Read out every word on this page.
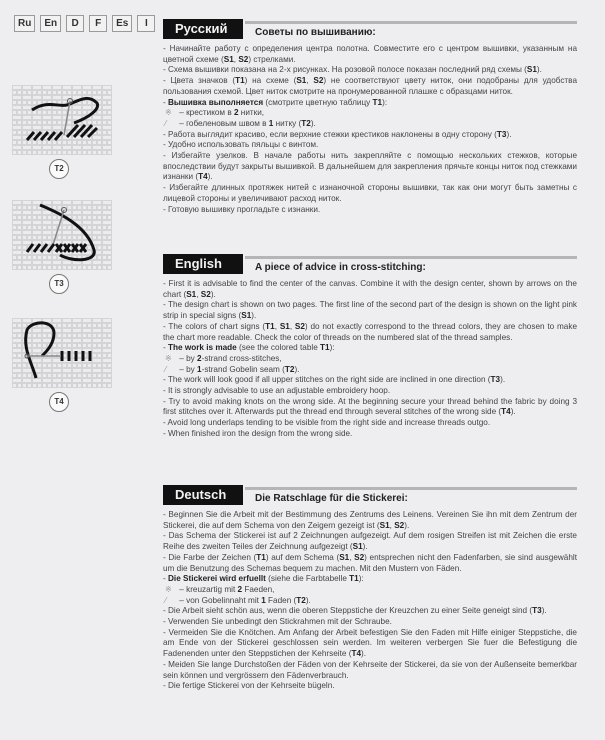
Ru	En	D	F	Es	I
T2
T3
T4
Русский	Советы по вышиванию:

- Начинайте работу с определения центра полотна. Совместите его с центром вышивки, указанным на цветной схеме (S1, S2) стрелками.

- Схема вышивки показана на 2-х рисунках. На розовой полосе показан последний ряд схемы (S1).

- Цвета значков (T1) на схеме (S1, S2) не соответствуют цвету ниток, они подобраны для удобства пользования схемой. Цвет ниток смотрите на пронумерованной плашке с образцами ниток.

- Вышивка выполняется (смотрите цветную таблицу T1):

※ – крестиком в 2 нитки,

⁄ – гобеленовым швом в 1 нитку (T2).

- Работа выглядит красиво, если верхние стежки крестиков наклонены в одну сторону (T3).

- Удобно использовать пяльцы с винтом.

- Избегайте узелков. В начале работы нить закрепляйте с помощью нескольких стежков, которые впоследствии будут закрыты вышивкой. В дальнейшем для закрепления прячьте концы ниток под стежками изнанки (T4).

- Избегайте длинных протяжек нитей с изнаночной стороны вышивки, так как они могут быть заметны с лицевой стороны и увеличивают расход ниток.

- Готовую вышивку прогладьте с изнанки.

English	A piece of advice in cross-stitching:

- First it is advisable to find the center of the canvas. Combine it with the design center, shown by arrows on the chart (S1, S2).

- The design chart is shown on two pages. The first line of the second part of the design is shown on the light pink strip in special signs (S1).

- The colors of chart signs (T1, S1, S2) do not exactly correspond to the thread colors, they are chosen to make the chart more readable. Check the color of threads on the numbered slat of the thread samples.

- The work is made (see the colored table T1):

※ – by 2-strand cross-stitches,

⁄ – by 1-strand Gobelin seam (T2).

- The work will look good if all upper stitches on the right side are inclined in one direction (T3).

- It is strongly advisable to use an adjustable embroidery hoop.

- Try to avoid making knots on the wrong side. At the beginning secure your thread behind the fabric by doing 3 first stitches over it. Afterwards put the thread end through several stitches of the wrong side (T4).

- Avoid long underlaps tending to be visible from the right side and increase threads outgo.

- When finished iron the design from the wrong side.

Deutsch	Die Ratschlage für die Stickerei:

- Beginnen Sie die Arbeit mit der Bestimmung des Zentrums des Leinens. Vereinen Sie ihn mit dem Zentrum der Stickerei, die auf dem Schema von den Zeigern gezeigt ist (S1, S2).

- Das Schema der Stickerei ist auf 2 Zeichnungen aufgezeigt. Auf dem rosigen Streifen ist mit Zeichen die erste Reihe des zweiten Teiles der Zeichnung aufgezeigt (S1).

- Die Farbe der Zeichen (T1) auf dem Schema (S1, S2) entsprechen nicht den Fadenfarben, sie sind ausgewählt um die Benutzung des Schemas bequem zu machen. Mit den Mustern von Fäden.

- Die Stickerei wird erfuellt (siehe die Farbtabelle T1):

※ – kreuzartig mit 2 Faeden,

⁄ – von Gobelinnaht mit 1 Faden (T2).

- Die Arbeit sieht schön aus, wenn die oberen Steppstiche der Kreuzchen zu einer Seite geneigt sind (T3).

- Verwenden Sie unbedingt den Stickrahmen mit der Schraube.

- Vermeiden Sie die Knötchen. Am Anfang der Arbeit befestigen Sie den Faden mit Hilfe einiger Steppstiche, die am Ende von der Stickerei geschlossen sein werden. Im weiteren verbergen Sie fuer die Befestigung die Fadenenden unter den Steppstichen der Kehrseite (T4).

- Meiden Sie lange Durchstoßen der Fäden von der Kehrseite der Stickerei, da sie von der Außenseite bemerkbar sein können und vergrössern den Fädenverbrauch.

- Die fertige Stickerei von der Kehrseite bügeln.
